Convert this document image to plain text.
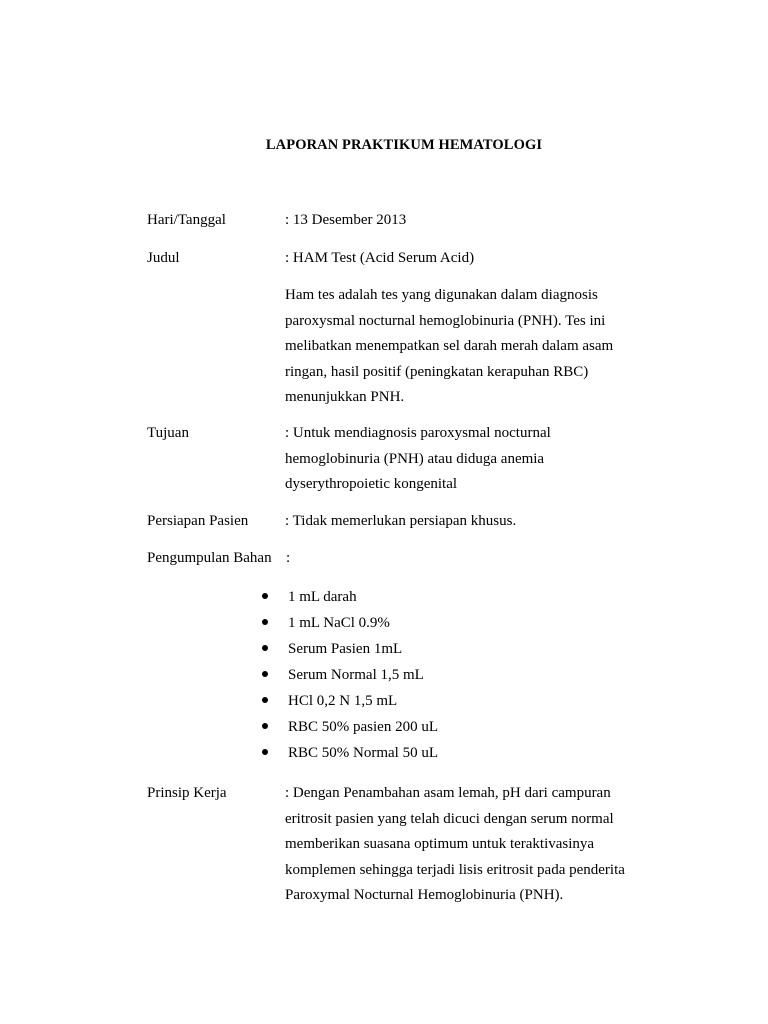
LAPORAN PRAKTIKUM HEMATOLOGI
Hari/Tanggal	: 13 Desember 2013
Judul	: HAM Test (Acid Serum Acid)
Ham tes adalah tes yang digunakan dalam diagnosis
paroxysmal nocturnal hemoglobinuria (PNH). Tes ini
melibatkan menempatkan sel darah merah dalam asam
ringan, hasil positif (peningkatan kerapuhan RBC)
menunjukkan PNH.
Tujuan	: Untuk mendiagnosis paroxysmal nocturnal
hemoglobinuria (PNH) atau diduga anemia
dyserythropoietic kongenital
Persiapan Pasien : Tidak memerlukan persiapan khusus.
Pengumpulan Bahan :
1 mL darah
1 mL NaCl 0.9%
Serum Pasien 1mL
Serum Normal 1,5 mL
HCl 0,2 N 1,5 mL
RBC 50% pasien 200 uL
RBC 50% Normal 50 uL
Prinsip Kerja	: Dengan Penambahan asam lemah, pH dari campuran
eritrosit pasien yang telah dicuci dengan serum normal
memberikan suasana optimum untuk teraktivasinya
komplemen sehingga terjadi lisis eritrosit pada penderita
Paroxymal Nocturnal Hemoglobinuria (PNH).
